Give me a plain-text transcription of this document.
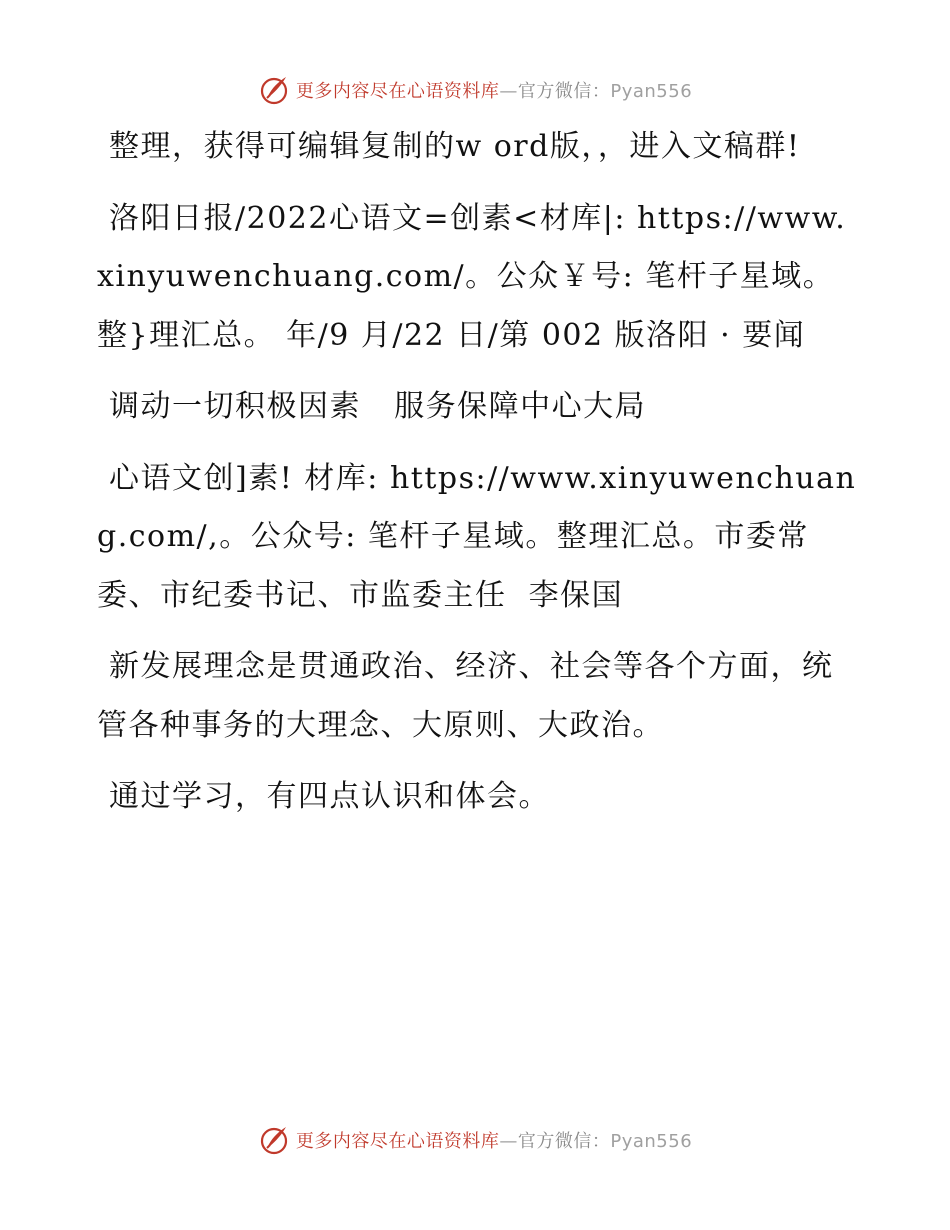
更多内容尽在心语资料库—官方微信：Pyan556

整理，获得可编辑复制的w ord版，，进入文稿群!

洛阳日报/2022心语文=创素<材库|: https://www.xinyuwenchuang.com/。公众￥号: 笔杆子星域。整}理汇总。 年/9 月/22 日/第 002 版洛阳 · 要闻

调动一切积极因素   服务保障中心大局

心语文创]素! 材库: https://www.xinyuwenchuang.com/,。公众号: 笔杆子星域。整理汇总。市委常委、市纪委书记、市监委主任  李保国

新发展理念是贯通政治、经济、社会等各个方面，统管各种事务的大理念、大原则、大政治。

通过学习，有四点认识和体会。

更多内容尽在心语资料库—官方微信：Pyan556
